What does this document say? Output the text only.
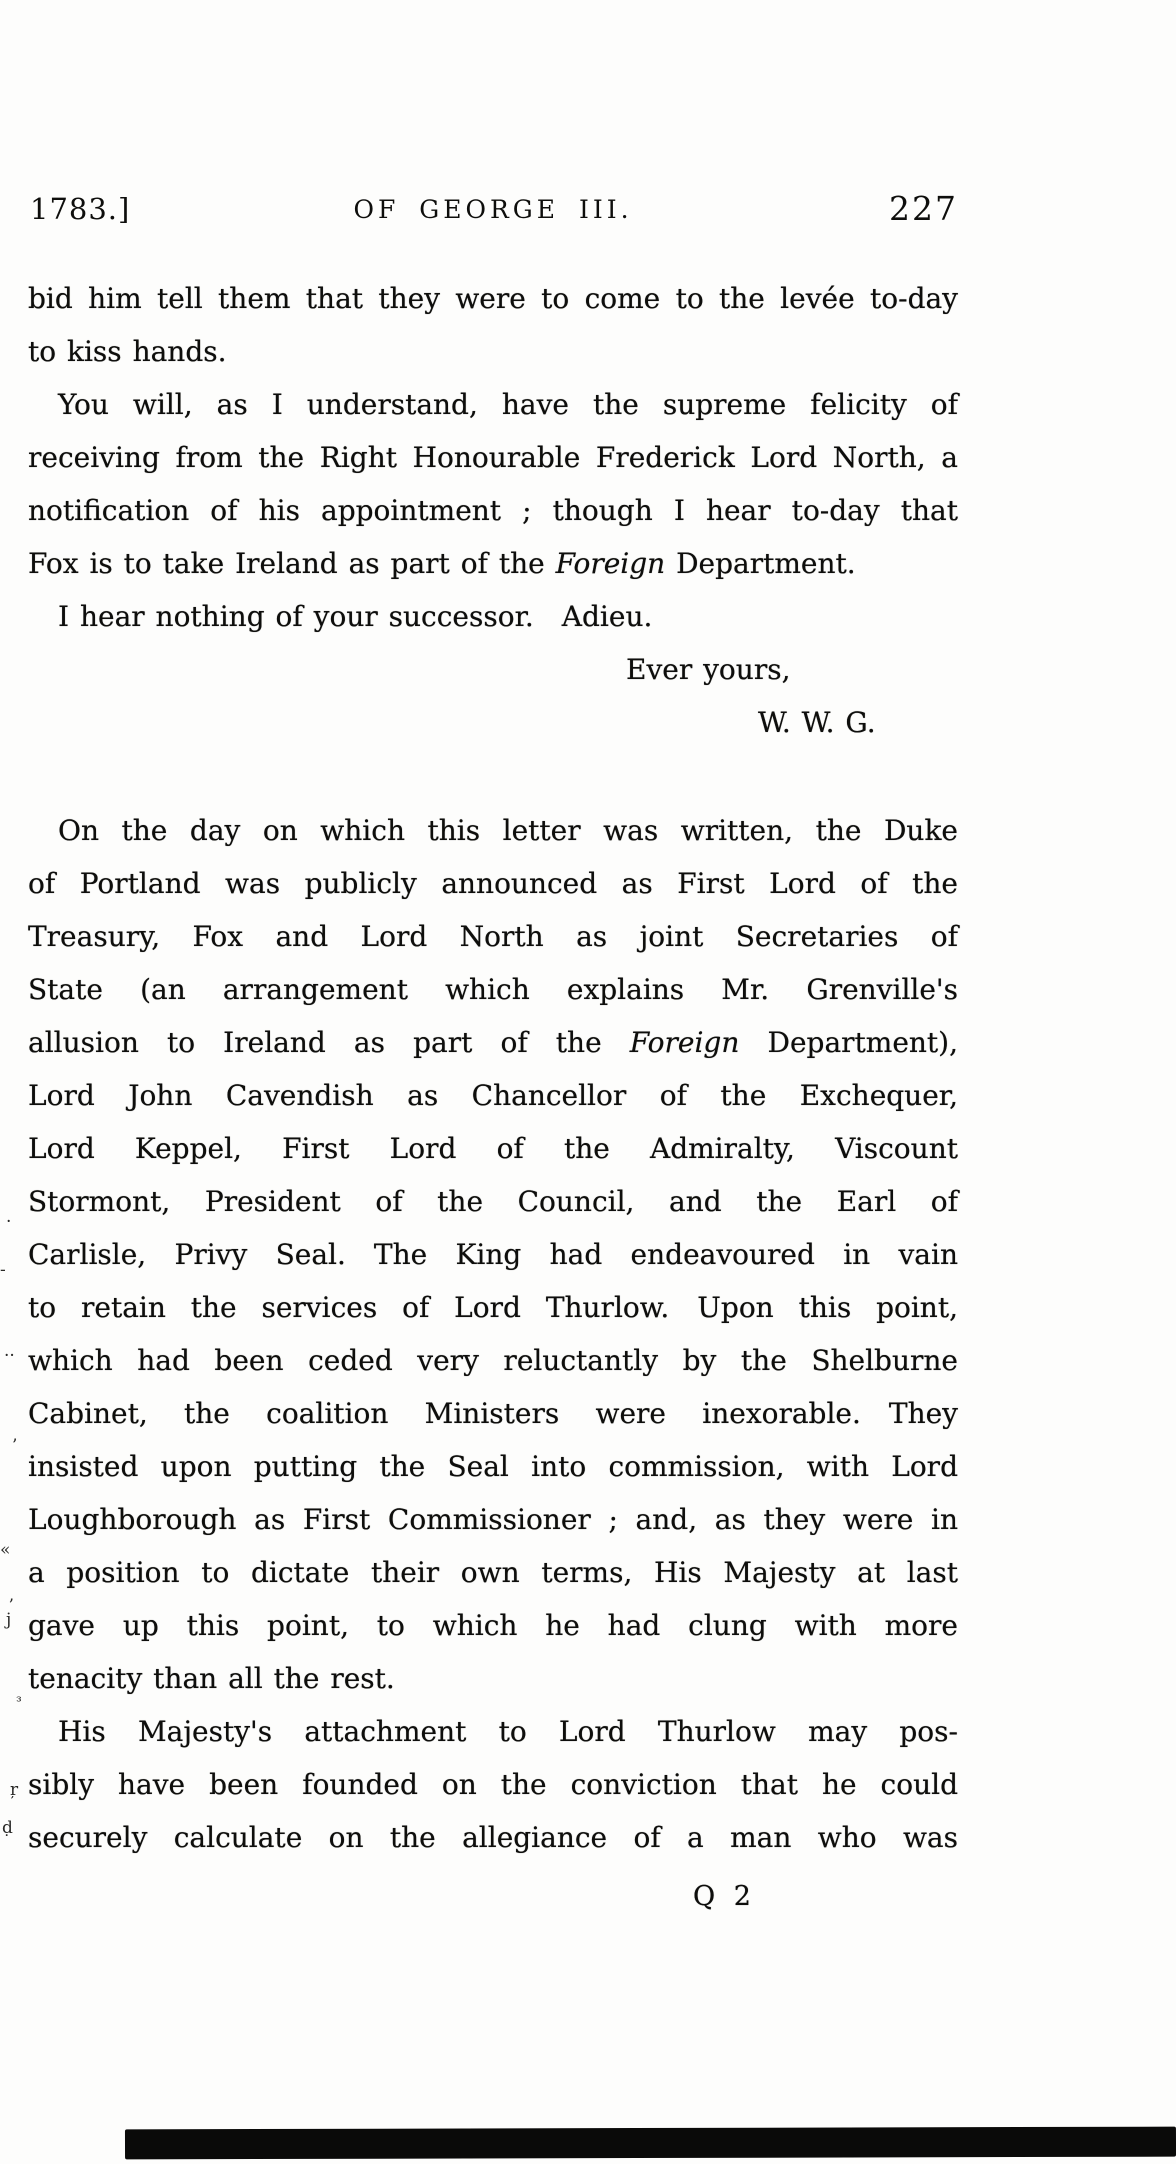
1783.]	OF GEORGE III.	227
bid him tell them that they were to come to the levée to-day
to kiss hands.
You will, as I understand, have the supreme felicity of
receiving from the Right Honourable Frederick Lord North, a
notification of his appointment ; though I hear to-day that
Fox is to take Ireland as part of the Foreign Department.
I hear nothing of your successor. Adieu.
Ever yours,
W. W. G.
On the day on which this letter was written, the Duke
of Portland was publicly announced as First Lord of the
Treasury, Fox and Lord North as joint Secretaries of
State (an arrangement which explains Mr. Grenville's
allusion to Ireland as part of the Foreign Department),
Lord John Cavendish as Chancellor of the Exchequer,
Lord Keppel, First Lord of the Admiralty, Viscount
Stormont, President of the Council, and the Earl of
Carlisle, Privy Seal. The King had endeavoured in vain
to retain the services of Lord Thurlow. Upon this point,
which had been ceded very reluctantly by the Shelburne
Cabinet, the coalition Ministers were inexorable. They
insisted upon putting the Seal into commission, with Lord
Loughborough as First Commissioner ; and, as they were in
a position to dictate their own terms, His Majesty at last
gave up this point, to which he had clung with more
tenacity than all the rest.
His Majesty's attachment to Lord Thurlow may pos-
sibly have been founded on the conviction that he could
securely calculate on the allegiance of a man who was
Q 2
·
-
··
’
«
ʼ
j
ᵌ
ŗ
ḍ
